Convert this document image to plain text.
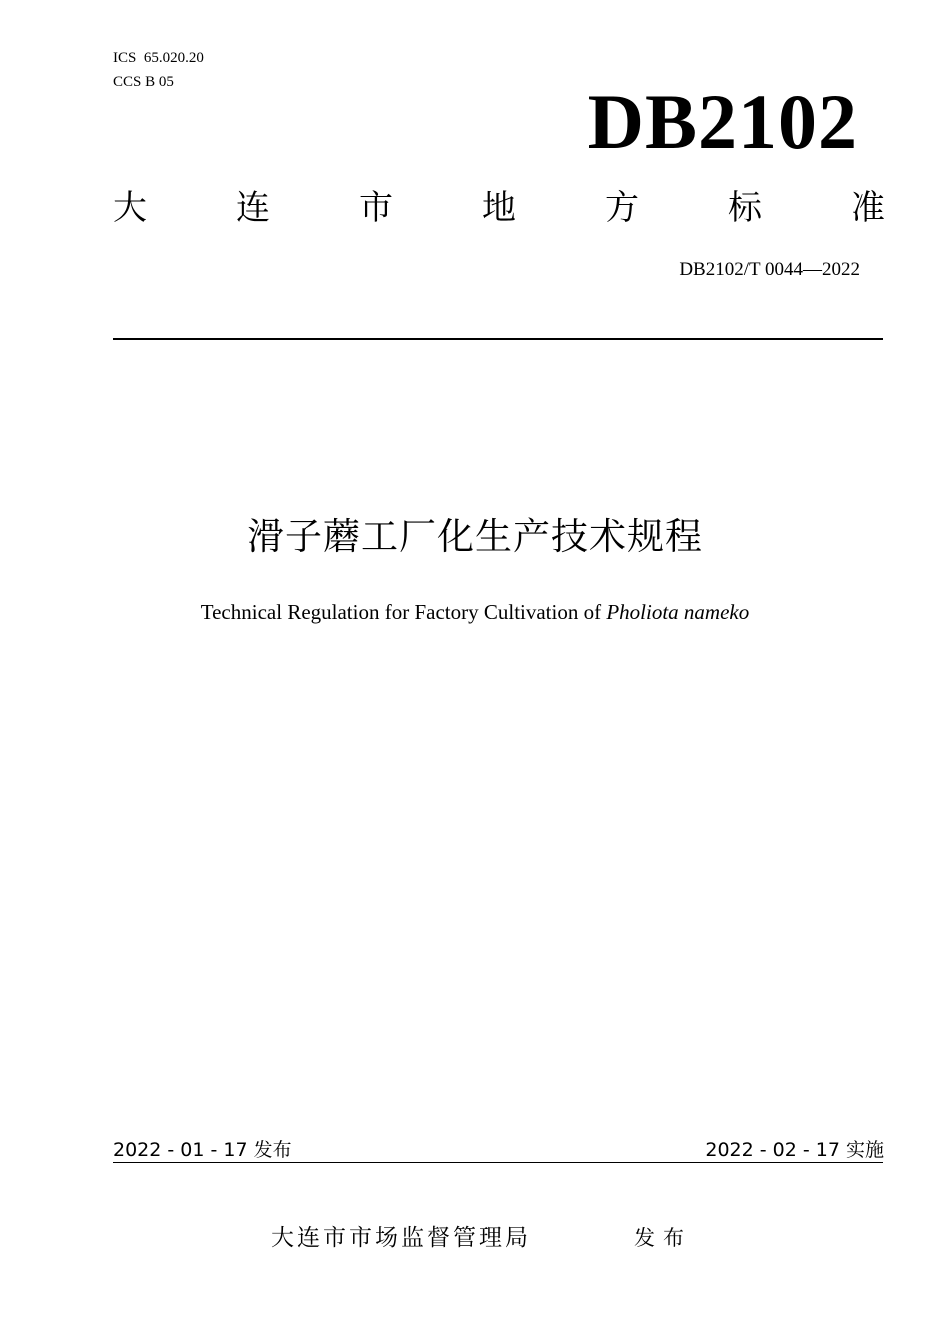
ICS  65.020.20
CCS B 05	DB2102
大	连	市	地	方	标	准
DB2102/T 0044—2022
滑子蘑工厂化生产技术规程
Technical Regulation for Factory Cultivation of Pholiota nameko
2022 - 01 - 17 发布	2022 - 02 - 17 实施
大连市市场监督管理局	发布
